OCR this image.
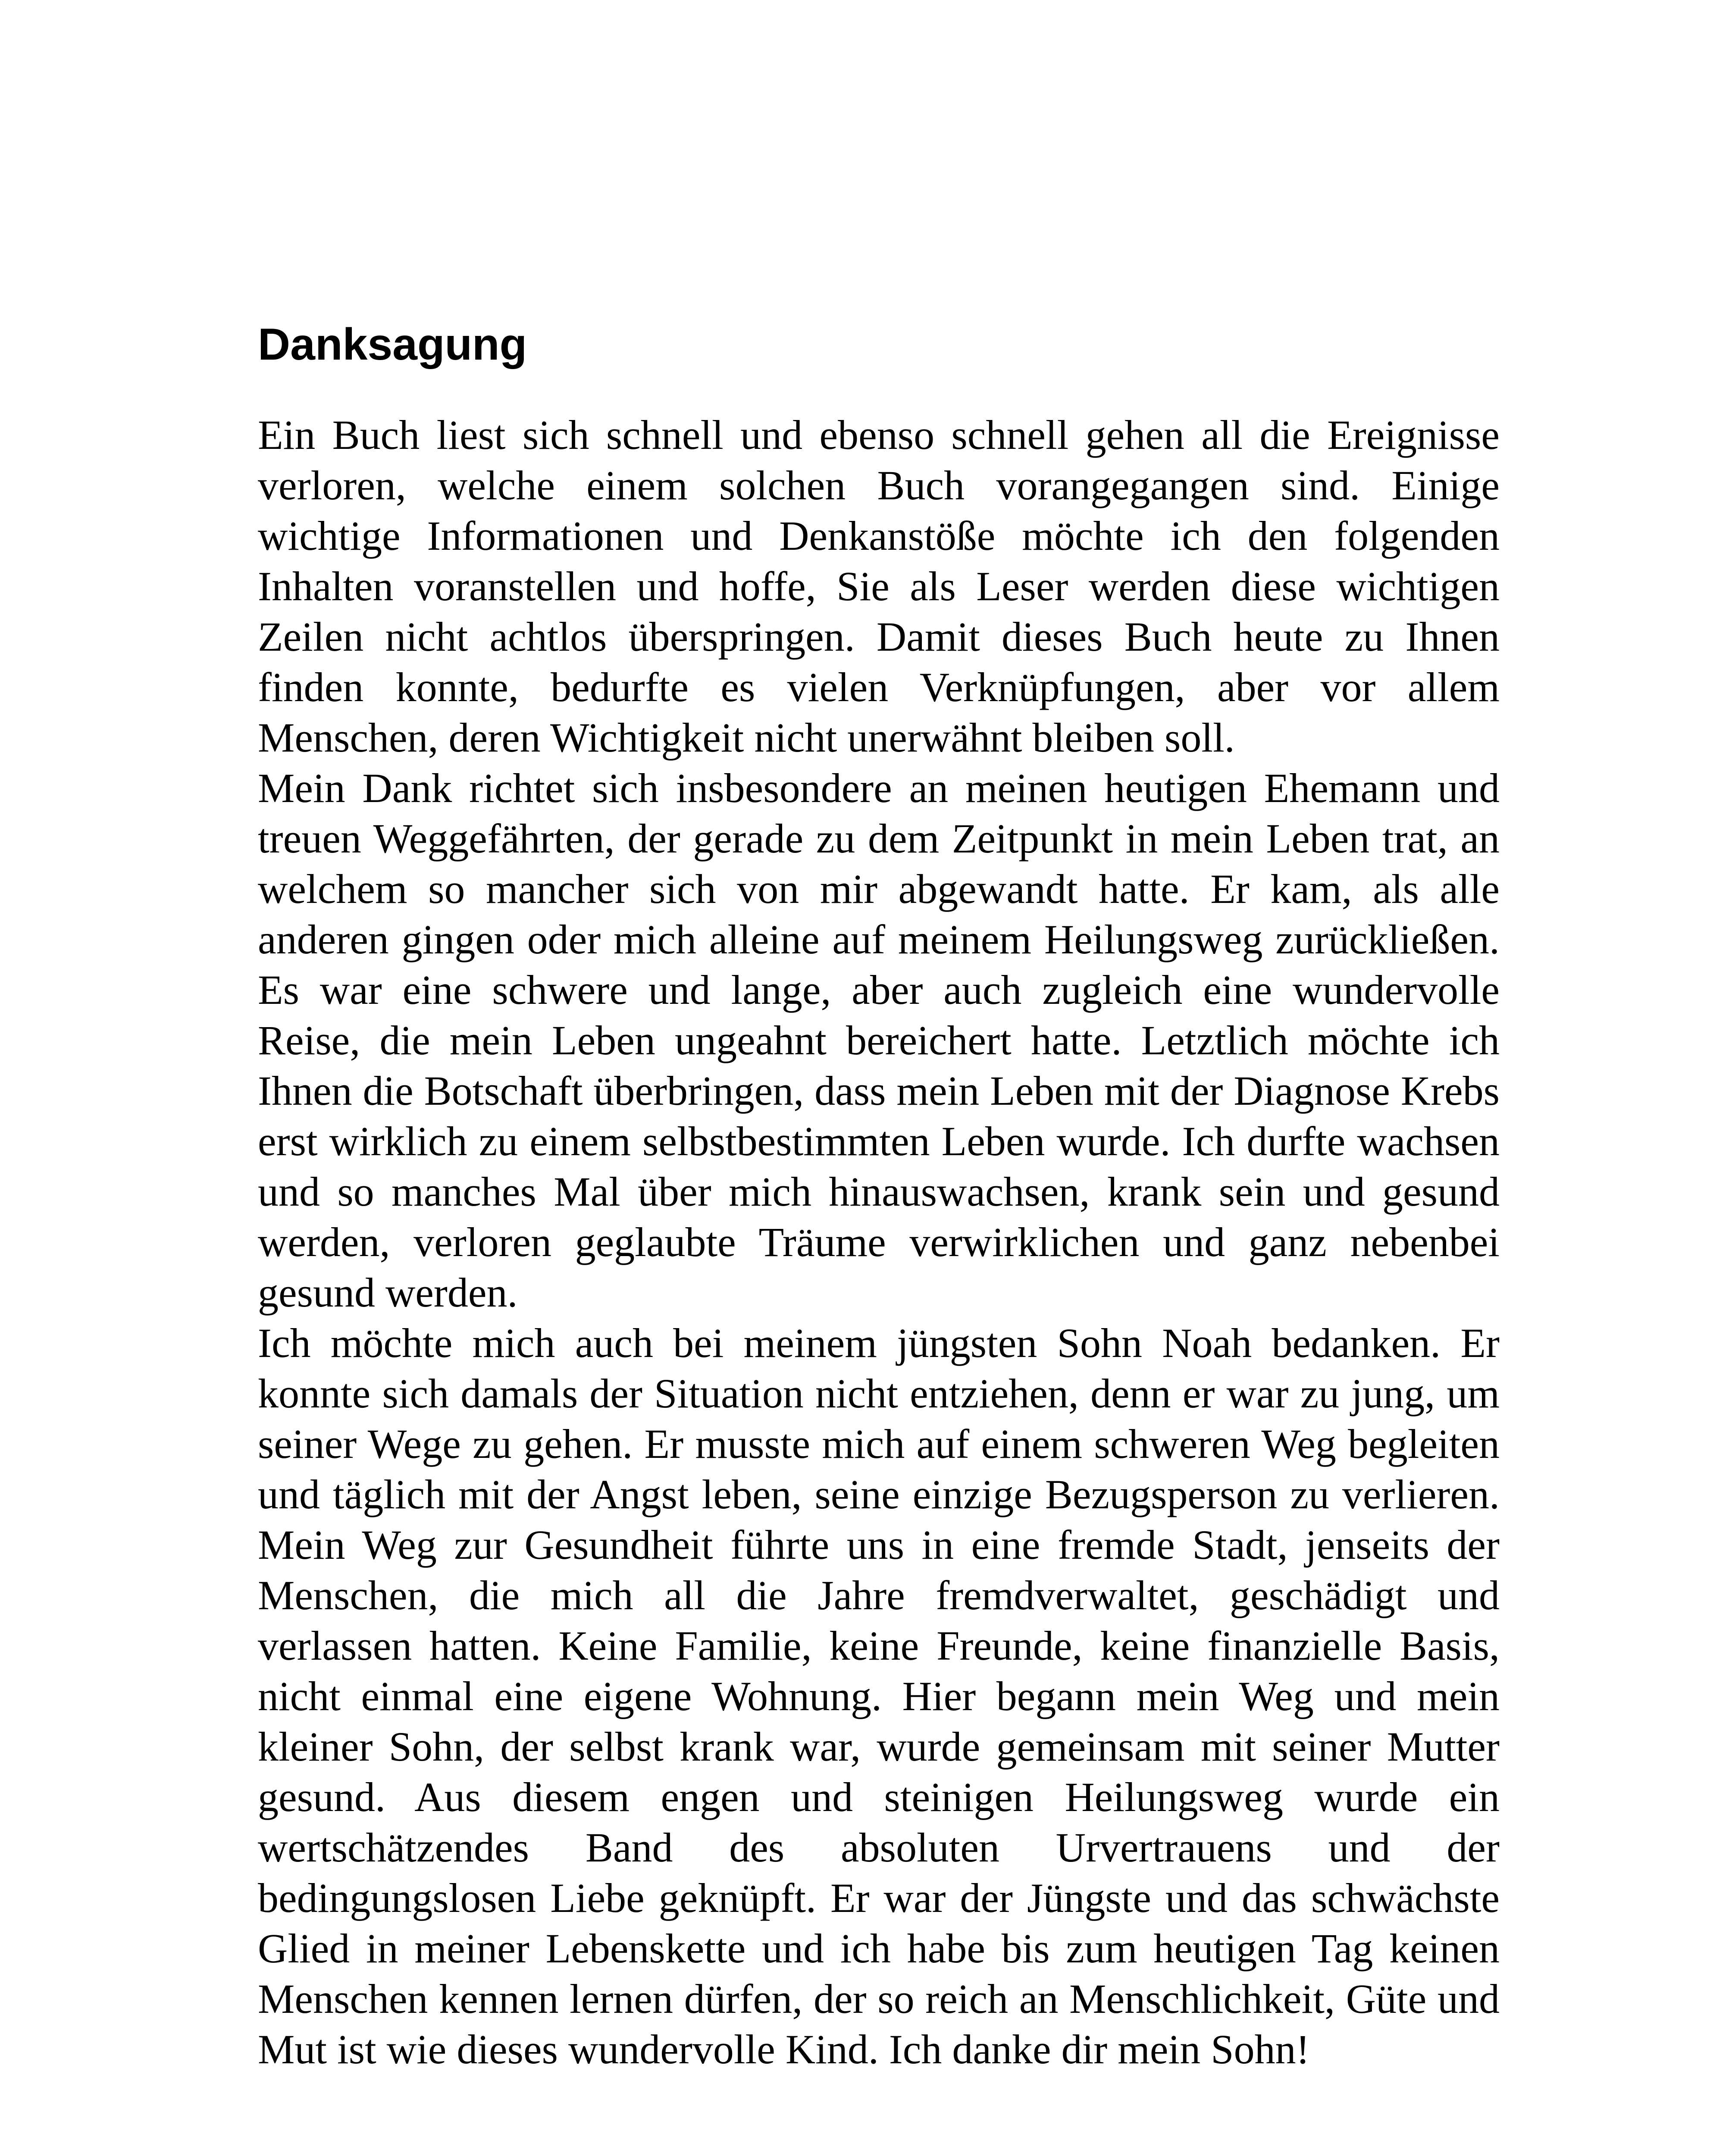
Danksagung

Ein Buch liest sich schnell und ebenso schnell gehen all die Ereignisse verloren, welche einem solchen Buch vorangegangen sind. Einige wichtige Informationen und Denkanstöße möchte ich den folgenden Inhalten voranstellen und hoffe, Sie als Leser werden diese wichtigen Zeilen nicht achtlos überspringen. Damit dieses Buch heute zu Ihnen finden konnte, bedurfte es vielen Verknüpfungen, aber vor allem Menschen, deren Wichtigkeit nicht unerwähnt bleiben soll.

Mein Dank richtet sich insbesondere an meinen heutigen Ehemann und treuen Weggefährten, der gerade zu dem Zeitpunkt in mein Leben trat, an welchem so mancher sich von mir abgewandt hatte. Er kam, als alle anderen gingen oder mich alleine auf meinem Heilungsweg zurückließen. Es war eine schwere und lange, aber auch zugleich eine wundervolle Reise, die mein Leben ungeahnt bereichert hatte. Letztlich möchte ich Ihnen die Botschaft überbringen, dass mein Leben mit der Diagnose Krebs erst wirklich zu einem selbstbestimmten Leben wurde. Ich durfte wachsen und so manches Mal über mich hinauswachsen, krank sein und gesund werden, verloren geglaubte Träume verwirklichen und ganz nebenbei gesund werden.

Ich möchte mich auch bei meinem jüngsten Sohn Noah bedanken. Er konnte sich damals der Situation nicht entziehen, denn er war zu jung, um seiner Wege zu gehen. Er musste mich auf einem schweren Weg begleiten und täglich mit der Angst leben, seine einzige Bezugsperson zu verlieren. Mein Weg zur Gesundheit führte uns in eine fremde Stadt, jenseits der Menschen, die mich all die Jahre fremdverwaltet, geschädigt und verlassen hatten. Keine Familie, keine Freunde, keine finanzielle Basis, nicht einmal eine eigene Wohnung. Hier begann mein Weg und mein kleiner Sohn, der selbst krank war, wurde gemeinsam mit seiner Mutter gesund. Aus diesem engen und steinigen Heilungsweg wurde ein wertschätzendes Band des absoluten Urvertrauens und der bedingungslosen Liebe geknüpft. Er war der Jüngste und das schwächste Glied in meiner Lebenskette und ich habe bis zum heutigen Tag keinen Menschen kennen lernen dürfen, der so reich an Menschlichkeit, Güte und Mut ist wie dieses wundervolle Kind. Ich danke dir mein Sohn!
